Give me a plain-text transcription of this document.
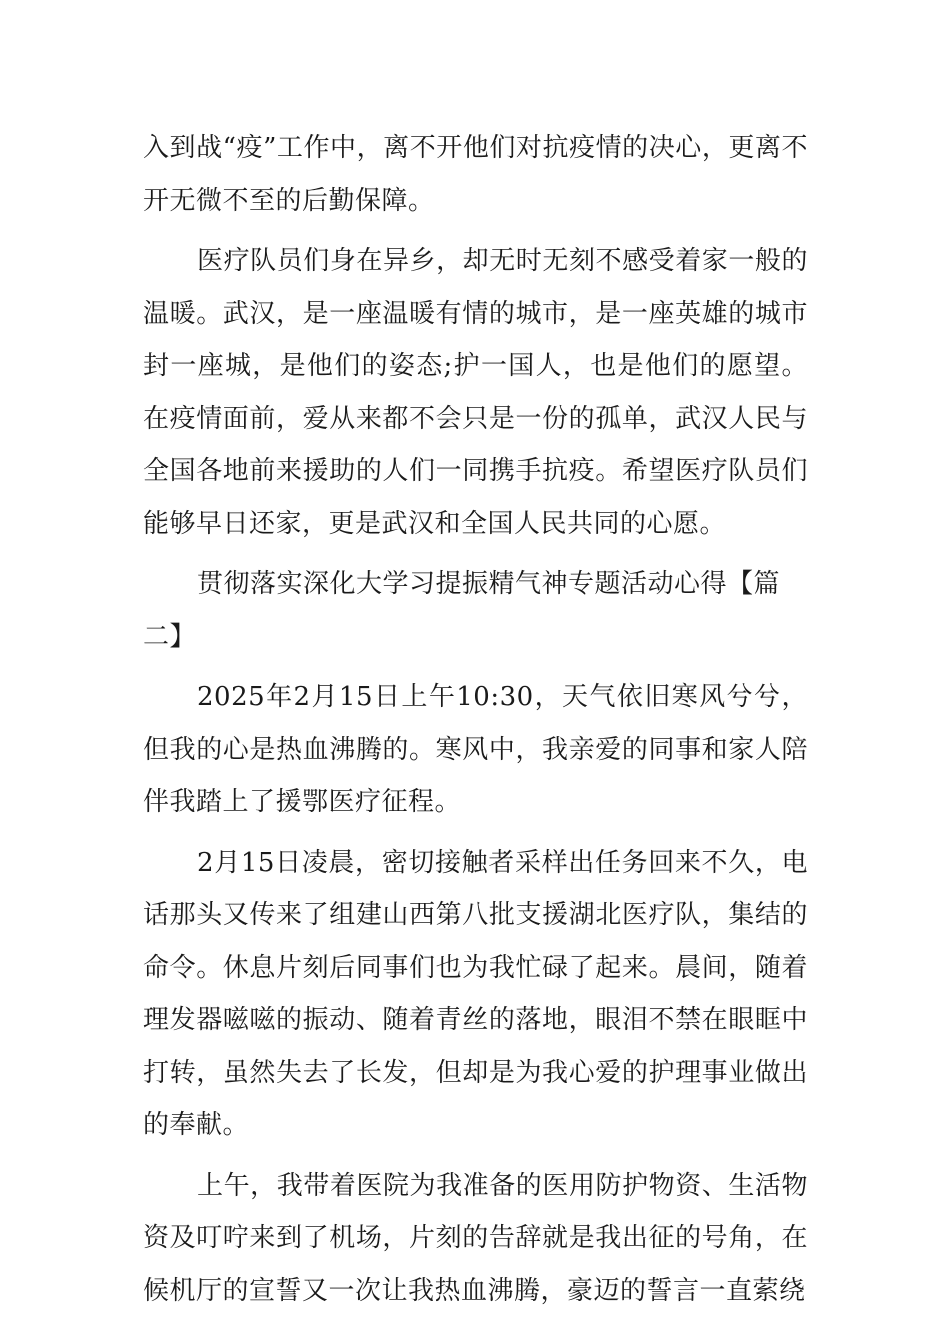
入到战“疫”工作中，离不开他们对抗疫情的决心，更离不开无微不至的后勤保障。

医疗队员们身在异乡，却无时无刻不感受着家一般的温暖。武汉，是一座温暖有情的城市，是一座英雄的城市封一座城，是他们的姿态;护一国人，也是他们的愿望。在疫情面前，爱从来都不会只是一份的孤单，武汉人民与全国各地前来援助的人们一同携手抗疫。希望医疗队员们能够早日还家，更是武汉和全国人民共同的心愿。

贯彻落实深化大学习提振精气神专题活动心得【篇二】

2025年2月15日上午10:30，天气依旧寒风兮兮，但我的心是热血沸腾的。寒风中，我亲爱的同事和家人陪伴我踏上了援鄂医疗征程。

2月15日凌晨，密切接触者采样出任务回来不久，电话那头又传来了组建山西第八批支援湖北医疗队，集结的命令。休息片刻后同事们也为我忙碌了起来。晨间，随着理发器嗞嗞的振动、随着青丝的落地，眼泪不禁在眼眶中打转，虽然失去了长发，但却是为我心爱的护理事业做出的奉献。

上午，我带着医院为我准备的医用防护物资、生活物资及叮咛来到了机场，片刻的告辞就是我出征的号角，在候机厅的宣誓又一次让我热血沸腾，豪迈的誓言一直萦绕
